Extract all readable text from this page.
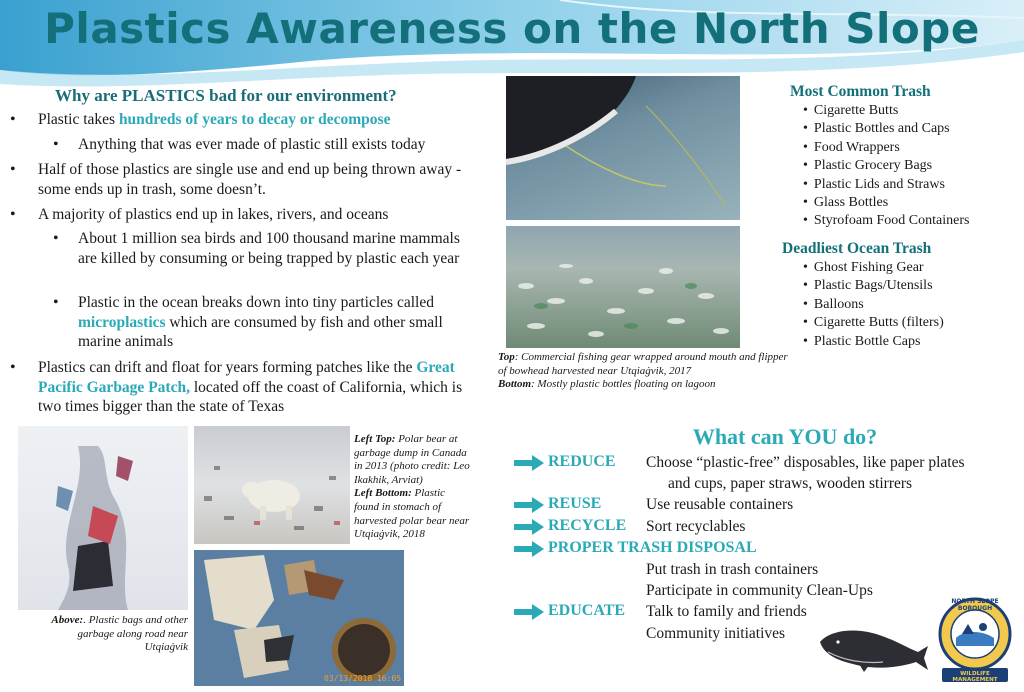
Plastics Awareness on the North Slope
Why are PLASTICS bad for our environment?
• Plastic takes hundreds of years to decay or decompose
• Anything that was ever made of plastic still exists today
• Half of those plastics are single use and end up being thrown away - some ends up in trash, some doesn’t.
• A majority of plastics end up in lakes, rivers, and oceans
• About 1 million sea birds and 100 thousand marine mammals are killed by consuming or being trapped by plastic each year
• Plastic in the ocean breaks down into tiny particles called microplastics which are consumed by fish and other small marine animals
• Plastics can drift and float for years forming patches like the Great Pacific Garbage Patch, located off the coast of California, which is two times bigger than the state of Texas
Top: Commercial fishing gear wrapped around mouth and flipper of bowhead harvested near Utqiaġvik, 2017
Bottom: Mostly plastic bottles floating on lagoon
Most Common Trash
• Cigarette Butts
• Plastic Bottles and Caps
• Food Wrappers
• Plastic Grocery Bags
• Plastic Lids and Straws
• Glass Bottles
• Styrofoam Food Containers
Deadliest Ocean Trash
• Ghost Fishing Gear
• Plastic Bags/Utensils
• Balloons
• Cigarette Butts (filters)
• Plastic Bottle Caps
03/13/2018 16:05
Left Top: Polar bear at garbage dump in Canada in 2013 (photo credit: Leo Ikakhik, Arviat)
Left Bottom: Plastic found in stomach of harvested polar bear near Utqiaġvik, 2018
Above:. Plastic bags and other garbage along road near Utqiaġvik
What can YOU do?
REDUCE Choose “plastic-free” disposables, like paper plates
and cups, paper straws, wooden stirrers
REUSE	Use reusable containers
RECYCLE Sort recyclables
PROPER TRASH DISPOSAL
Put trash in trash containers
Participate in community Clean-Ups
EDUCATE Talk to family and friends
Community initiatives
NORTH SLOPE BOROUGH
WILDLIFE MANAGEMENT
